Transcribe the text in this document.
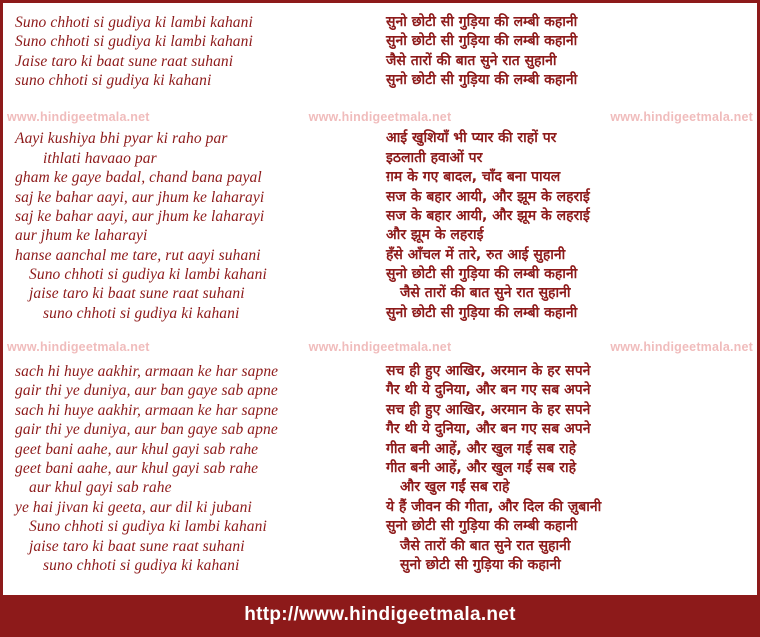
Suno chhoti si gudiya ki lambi kahani
Suno chhoti si gudiya ki lambi kahani
Jaise taro ki baat sune raat suhani
suno chhoti si gudiya ki kahani
Aayi kushiya bhi pyar ki raho par
ithlati havaao par
gham ke gaye badal, chand bana payal
saj ke bahar aayi, aur jhum ke laharayi
saj ke bahar aayi, aur jhum ke laharayi
aur jhum ke laharayi
hanse aanchal me tare, rut aayi suhani
Suno chhoti si gudiya ki lambi kahani
jaise taro ki baat sune raat suhani
suno chhoti si gudiya ki kahani
sach hi huye aakhir, armaan ke har sapne
gair thi ye duniya, aur ban gaye sab apne
sach hi huye aakhir, armaan ke har sapne
gair thi ye duniya, aur ban gaye sab apne
geet bani aahe, aur khul gayi sab rahe
geet bani aahe, aur khul gayi sab rahe
aur khul gayi sab rahe
ye hai jivan ki geeta, aur dil ki jubani
Suno chhoti si gudiya ki lambi kahani
jaise taro ki baat sune raat suhani
suno chhoti si gudiya ki kahani
सुनो छोटी सी गुड़िया की लम्बी कहानी
सुनो छोटी सी गुड़िया की लम्बी कहानी
जैसे तारों की बात सुने रात सुहानी
सुनो छोटी सी गुड़िया की लम्बी कहानी
आई खुशियाँ भी प्यार की राहों पर
इठलाती हवाओं पर
ग़म के गए बादल, चाँद बना पायल
सज के बहार आयी, और झूम के लहराई
सज के बहार आयी, और झूम के लहराई
और झूम के लहराई
हँसे आँचल में तारे, रुत आई सुहानी
सुनो छोटी सी गुड़िया की लम्बी कहानी
जैसे तारों की बात सुने रात सुहानी
सुनो छोटी सी गुड़िया की लम्बी कहानी
सच ही हुए आखिर, अरमान के हर सपने
गैर थी ये दुनिया, और बन गए सब अपने
सच ही हुए आखिर, अरमान के हर सपने
गैर थी ये दुनिया, और बन गए सब अपने
गीत बनी आहें, और खुल गईं सब राहे
गीत बनी आहें, और खुल गईं सब राहे
और खुल गईं सब राहे
ये हैं जीवन की गीता, और दिल की ज़ुबानी
सुनो छोटी सी गुड़िया की लम्बी कहानी
जैसे तारों की बात सुने रात सुहानी
सुनो छोटी सी गुड़िया की कहानी
www.hindigeetmala.net	www.hindigeetmala.net	www.hindigeetmala.net
www.hindigeetmala.net	www.hindigeetmala.net	www.hindigeetmala.net
http://www.hindigeetmala.net
